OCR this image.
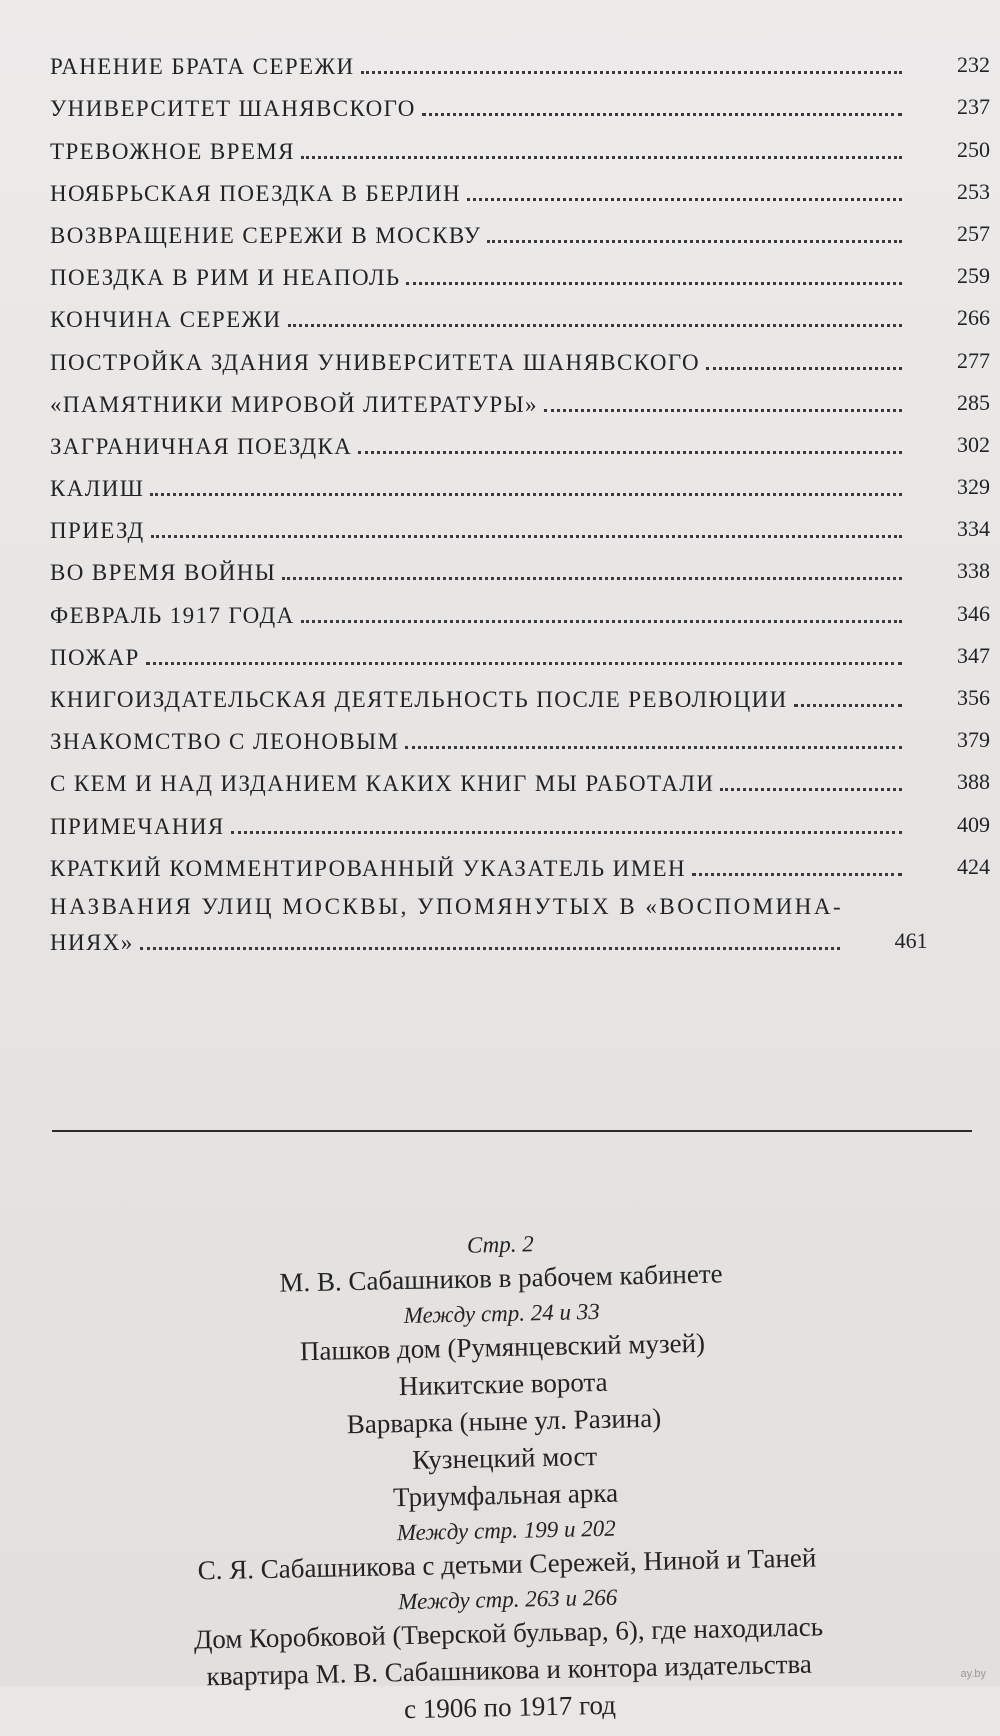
РАНЕНИЕ БРАТА СЕРЕЖИ	232
УНИВЕРСИТЕТ ШАНЯВСКОГО	237
ТРЕВОЖНОЕ ВРЕМЯ	250
НОЯБРЬСКАЯ ПОЕЗДКА В БЕРЛИН	253
ВОЗВРАЩЕНИЕ СЕРЕЖИ В МОСКВУ	257
ПОЕЗДКА В РИМ И НЕАПОЛЬ	259
КОНЧИНА СЕРЕЖИ	266
ПОСТРОЙКА ЗДАНИЯ УНИВЕРСИТЕТА ШАНЯВСКОГО	277
«ПАМЯТНИКИ МИРОВОЙ ЛИТЕРАТУРЫ»	285
ЗАГРАНИЧНАЯ ПОЕЗДКА	302
КАЛИШ	329
ПРИЕЗД	334
ВО ВРЕМЯ ВОЙНЫ	338
ФЕВРАЛЬ 1917 ГОДА	346
ПОЖАР	347
КНИГОИЗДАТЕЛЬСКАЯ ДЕЯТЕЛЬНОСТЬ ПОСЛЕ РЕВОЛЮЦИИ	356
ЗНАКОМСТВО С ЛЕОНОВЫМ	379
С КЕМ И НАД ИЗДАНИЕМ КАКИХ КНИГ МЫ РАБОТАЛИ	388
ПРИМЕЧАНИЯ	409
КРАТКИЙ КОММЕНТИРОВАННЫЙ УКАЗАТЕЛЬ ИМЕН	424
НАЗВАНИЯ УЛИЦ МОСКВЫ, УПОМЯНУТЫХ В «ВОСПОМИНА-
НИЯХ»	461
Стр. 2
М. В. Сабашников в рабочем кабинете
Между стр. 24 и 33
Пашков дом (Румянцевский музей)
Никитские ворота
Варварка (ныне ул. Разина)
Кузнецкий мост
Триумфальная арка
Между стр. 199 и 202
С. Я. Сабашникова с детьми Сережей, Ниной и Таней
Между стр. 263 и 266
Дом Коробковой (Тверской бульвар, 6), где находилась
квартира М. В. Сабашникова и контора издательства
с 1906 по 1917 год
ay.by
